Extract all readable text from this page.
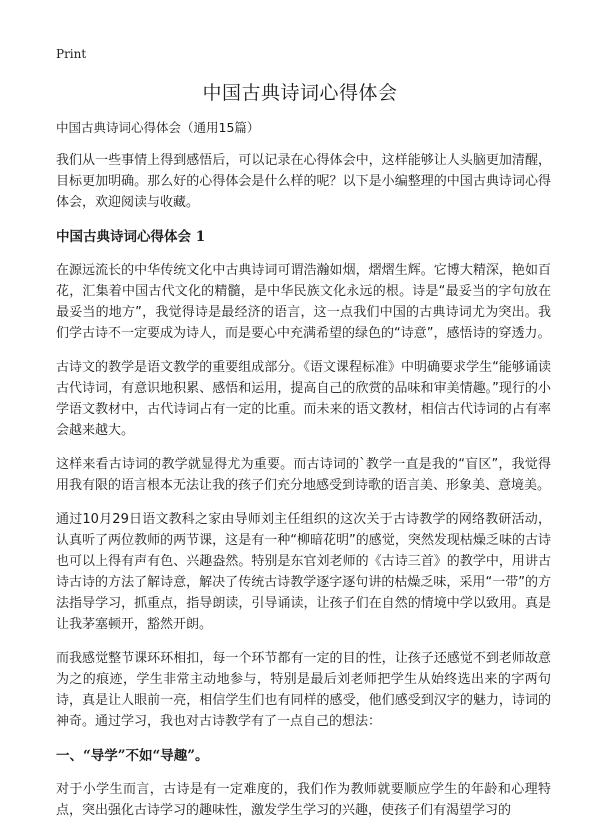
Print
中国古典诗词心得体会
中国古典诗词心得体会（通用15篇）

我们从一些事情上得到感悟后，可以记录在心得体会中，这样能够让人头脑更加清醒，目标更加明确。那么好的心得体会是什么样的呢？以下是小编整理的中国古典诗词心得体会，欢迎阅读与收藏。

中国古典诗词心得体会 1

在源远流长的中华传统文化中古典诗词可谓浩瀚如烟，熠熠生辉。它博大精深，艳如百花，汇集着中国古代文化的精髓，是中华民族文化永远的根。诗是“最妥当的字句放在最妥当的地方”，我觉得诗是最经济的语言，这一点我们中国的古典诗词尤为突出。我们学古诗不一定要成为诗人，而是要心中充满希望的绿色的“诗意”，感悟诗的穿透力。

古诗文的教学是语文教学的重要组成部分。《语文课程标准》中明确要求学生“能够诵读古代诗词，有意识地积累、感悟和运用，提高自己的欣赏的品味和审美情趣。”现行的小学语文教材中，古代诗词占有一定的比重。而未来的语文教材，相信古代诗词的占有率会越来越大。

这样来看古诗词的教学就显得尤为重要。而古诗词的`教学一直是我的“盲区”，我觉得用我有限的语言根本无法让我的孩子们充分地感受到诗歌的语言美、形象美、意境美。

通过10月29日语文教科之家由导师刘主任组织的这次关于古诗教学的网络教研活动，认真听了两位教师的两节课，这是有一种“柳暗花明”的感觉，突然发现枯燥乏味的古诗也可以上得有声有色、兴趣盎然。特别是东官刘老师的《古诗三首》的教学中，用讲古诗古诗的方法了解诗意，解决了传统古诗教学逐字逐句讲的枯燥乏味，采用“一带”的方法指导学习，抓重点，指导朗读，引导诵读，让孩子们在自然的情境中学以致用。真是让我茅塞顿开，豁然开朗。

而我感觉整节课环环相扣，每一个环节都有一定的目的性，让孩子还感觉不到老师故意为之的痕迹，学生非常主动地参与，特别是最后刘老师把学生从始终选出来的字两句诗，真是让人眼前一亮，相信学生们也有同样的感受，他们感受到汉字的魅力，诗词的神奇。通过学习，我也对古诗教学有了一点自己的想法：

一、“导学”不如“导趣”。

对于小学生而言，古诗是有一定难度的，我们作为教师就要顺应学生的年龄和心理特点，突出强化古诗学习的趣味性，激发学生学习的兴趣，使孩子们有渴望学习的
